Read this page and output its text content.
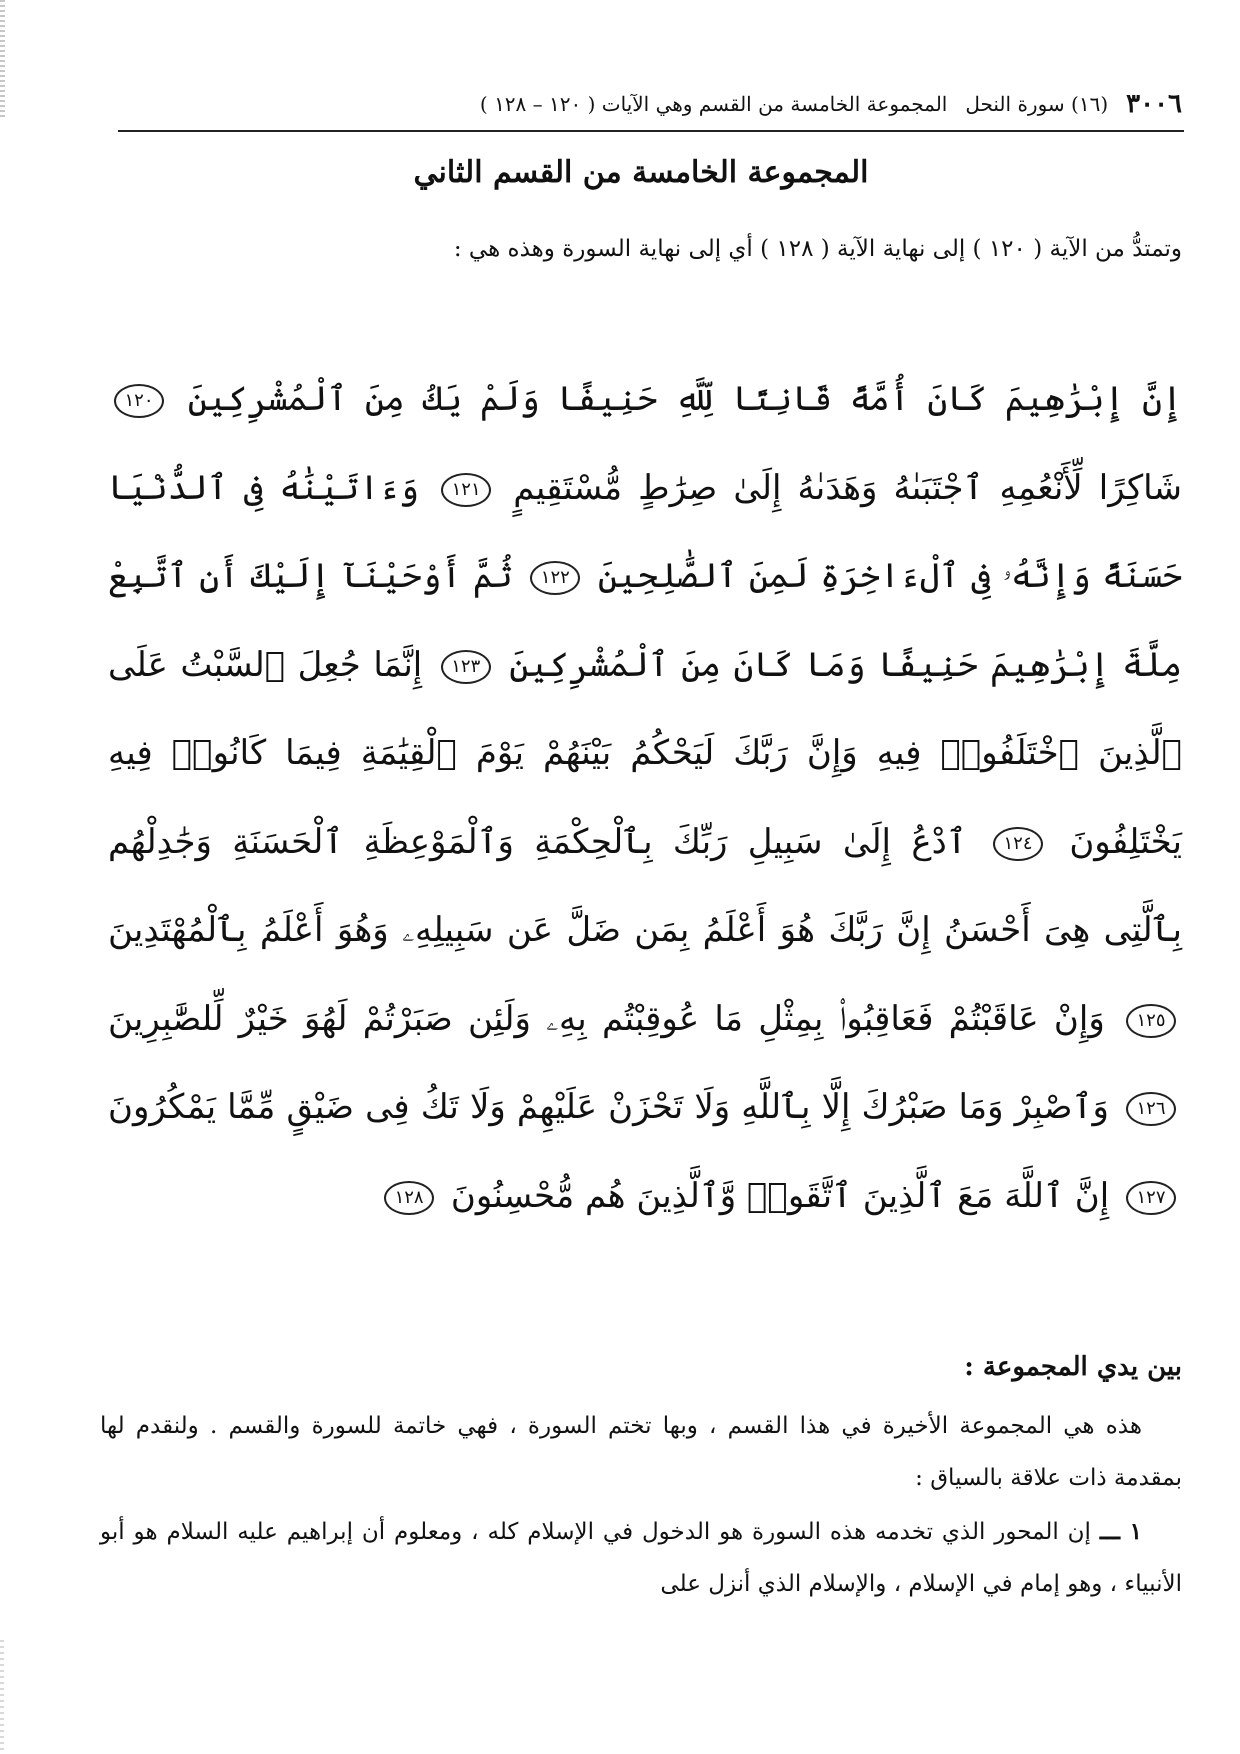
٣٠٠٦
(١٦) سورة النحل
المجموعة الخامسة من القسم وهي الآيات ( ١٢٠ – ١٢٨ )
المجموعة الخامسة من القسم الثاني
وتمتدُّ من الآية ( ١٢٠ ) إلى نهاية الآية ( ١٢٨ ) أي إلى نهاية السورة وهذه هي :
إِنَّ إِبْرَٰهِيمَ كَانَ أُمَّةً قَانِتًا لِّلَّهِ حَنِيفًا وَلَمْ يَكُ مِنَ ٱلْمُشْرِكِينَ ١٢٠ شَاكِرًا لِّأَنْعُمِهِ ٱجْتَبَىٰهُ وَهَدَىٰهُ إِلَىٰ صِرَٰطٍ مُّسْتَقِيمٍ ١٢١ وَءَاتَيْنَٰهُ فِى ٱلدُّنْيَا حَسَنَةً وَإِنَّهُۥ فِى ٱلْءَاخِرَةِ لَمِنَ ٱلصَّٰلِحِينَ ١٢٢ ثُمَّ أَوْحَيْنَآ إِلَيْكَ أَنِ ٱتَّبِعْ مِلَّةَ إِبْرَٰهِيمَ حَنِيفًا وَمَا كَانَ مِنَ ٱلْمُشْرِكِينَ ١٢٣ إِنَّمَا جُعِلَ ٱلسَّبْتُ عَلَى ٱلَّذِينَ ٱخْتَلَفُوا۟ فِيهِ وَإِنَّ رَبَّكَ لَيَحْكُمُ بَيْنَهُمْ يَوْمَ ٱلْقِيَٰمَةِ فِيمَا كَانُوا۟ فِيهِ يَخْتَلِفُونَ ١٢٤ ٱدْعُ إِلَىٰ سَبِيلِ رَبِّكَ بِٱلْحِكْمَةِ وَٱلْمَوْعِظَةِ ٱلْحَسَنَةِ وَجَٰدِلْهُم بِٱلَّتِى هِىَ أَحْسَنُ إِنَّ رَبَّكَ هُوَ أَعْلَمُ بِمَن ضَلَّ عَن سَبِيلِهِۦ وَهُوَ أَعْلَمُ بِٱلْمُهْتَدِينَ ١٢٥ وَإِنْ عَاقَبْتُمْ فَعَاقِبُوا۟ بِمِثْلِ مَا عُوقِبْتُم بِهِۦ وَلَئِن صَبَرْتُمْ لَهُوَ خَيْرٌ لِّلصَّٰبِرِينَ ١٢٦ وَٱصْبِرْ وَمَا صَبْرُكَ إِلَّا بِٱللَّهِ وَلَا تَحْزَنْ عَلَيْهِمْ وَلَا تَكُ فِى ضَيْقٍ مِّمَّا يَمْكُرُونَ ١٢٧ إِنَّ ٱللَّهَ مَعَ ٱلَّذِينَ ٱتَّقَوا۟ وَّٱلَّذِينَ هُم مُّحْسِنُونَ ١٢٨
بين يدي المجموعة :
هذه هي المجموعة الأخيرة في هذا القسم ، وبها تختم السورة ، فهي خاتمة للسورة والقسم . ولنقدم لها بمقدمة ذات علاقة بالسياق :
١ ـــ إن المحور الذي تخدمه هذه السورة هو الدخول في الإسلام كله ، ومعلوم أن إبراهيم عليه السلام هو أبو الأنبياء ، وهو إمام في الإسلام ، والإسلام الذي أنزل على
